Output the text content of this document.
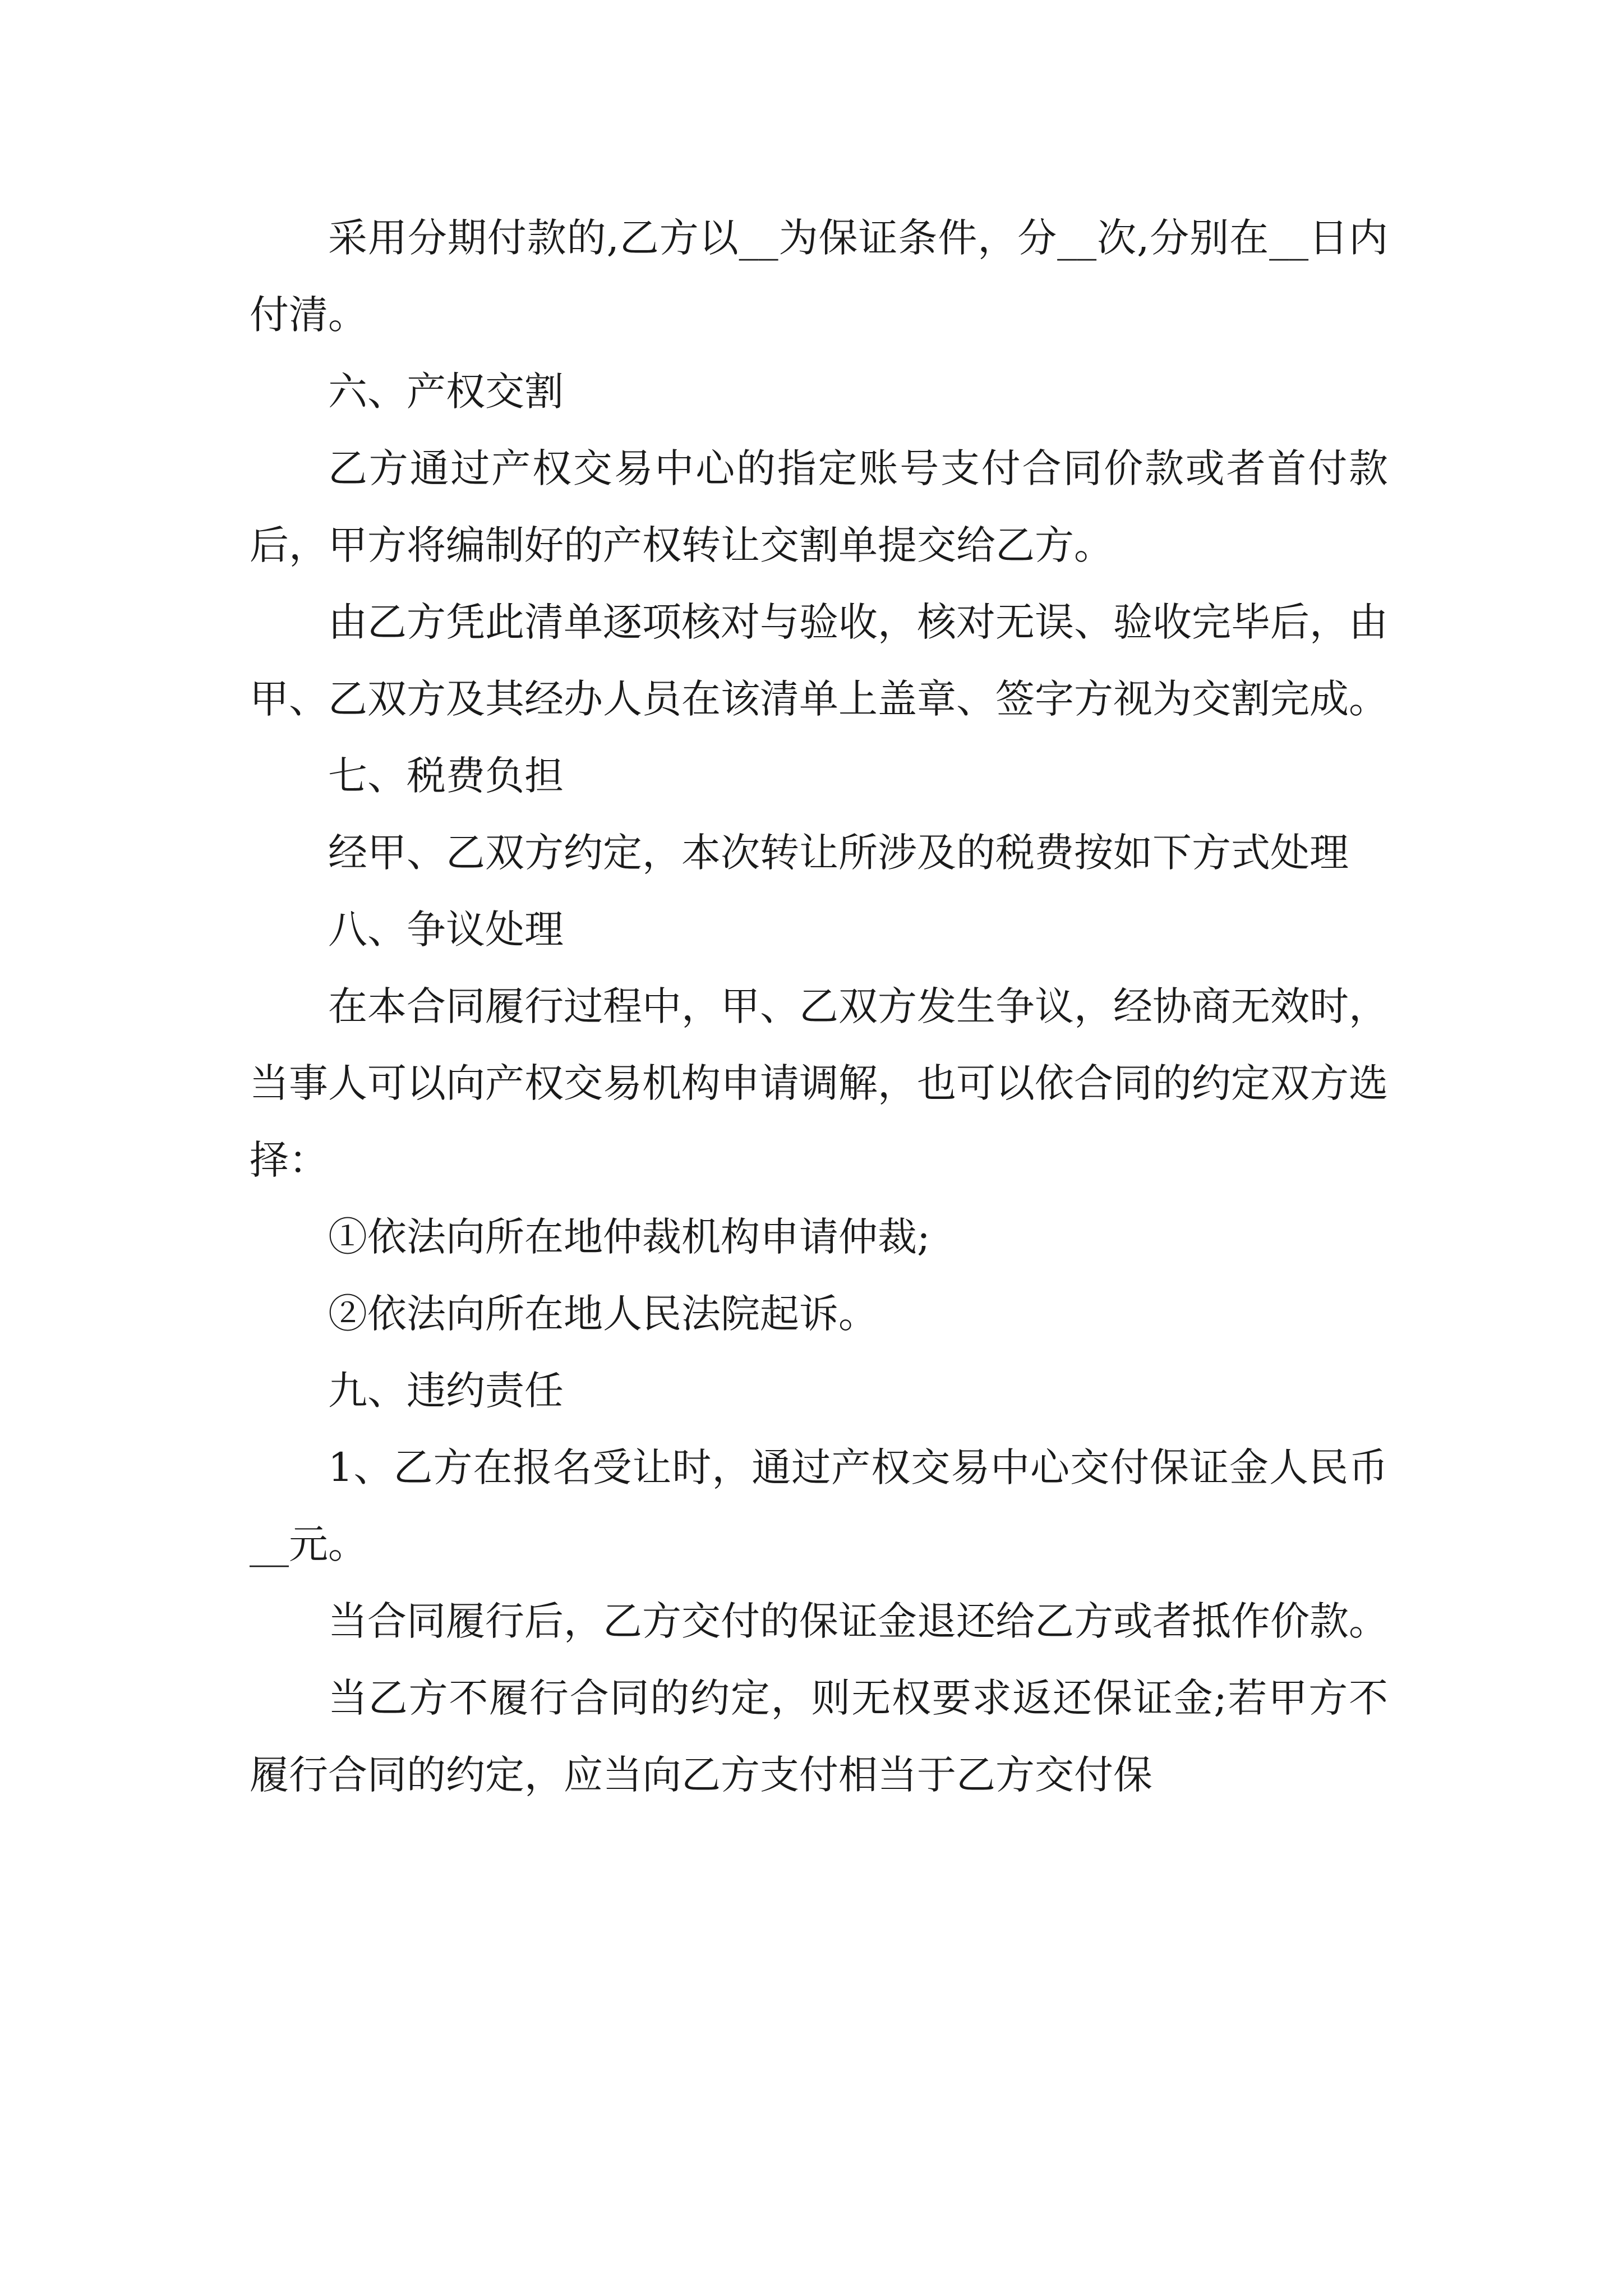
采用分期付款的,乙方以__为保证条件，分__次,分别在__日内付清。

六、产权交割

乙方通过产权交易中心的指定账号支付合同价款或者首付款后，甲方将编制好的产权转让交割单提交给乙方。

由乙方凭此清单逐项核对与验收，核对无误、验收完毕后，由甲、乙双方及其经办人员在该清单上盖章、签字方视为交割完成。

七、税费负担

经甲、乙双方约定，本次转让所涉及的税费按如下方式处理

八、争议处理

在本合同履行过程中，甲、乙双方发生争议，经协商无效时，当事人可以向产权交易机构申请调解，也可以依合同的约定双方选择：

①依法向所在地仲裁机构申请仲裁;

②依法向所在地人民法院起诉。

九、违约责任

1、乙方在报名受让时，通过产权交易中心交付保证金人民币__元。

当合同履行后，乙方交付的保证金退还给乙方或者抵作价款。

当乙方不履行合同的约定，则无权要求返还保证金;若甲方不履行合同的约定，应当向乙方支付相当于乙方交付保
